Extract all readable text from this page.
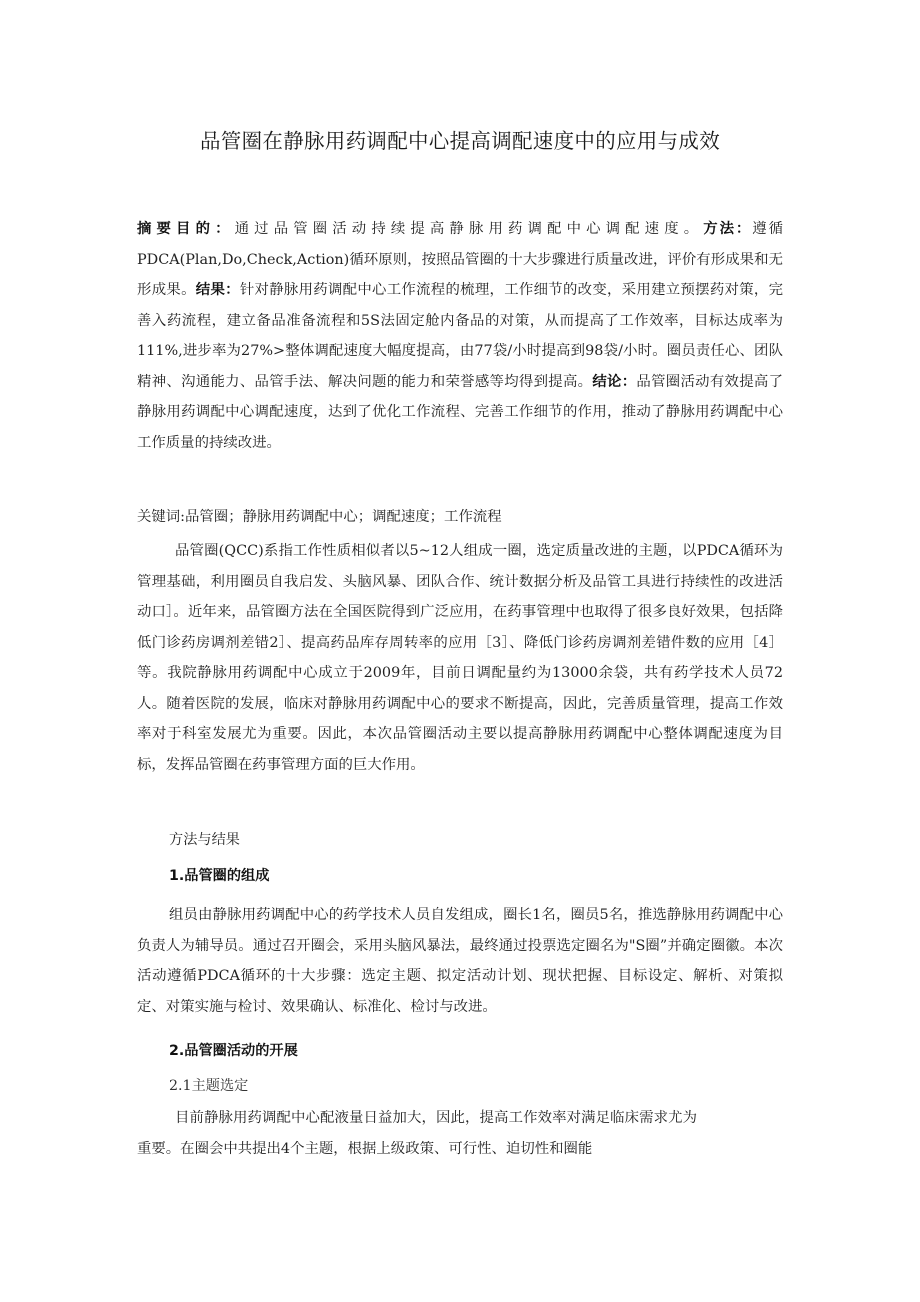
品管圈在静脉用药调配中心提高调配速度中的应用与成效

摘要目的：通过品管圈活动持续提高静脉用药调配中心调配速度。方法：遵循PDCA(Plan,Do,Check,Action)循环原则，按照品管圈的十大步骤进行质量改进，评价有形成果和无形成果。结果：针对静脉用药调配中心工作流程的梳理，工作细节的改变，采用建立预摆药对策，完善入药流程，建立备品准备流程和5S法固定舱内备品的对策，从而提高了工作效率，目标达成率为111%,进步率为27%>整体调配速度大幅度提高，由77袋/小时提高到98袋/小时。圈员责任心、团队精神、沟通能力、品管手法、解决问题的能力和荣誉感等均得到提高。结论：品管圈活动有效提高了静脉用药调配中心调配速度，达到了优化工作流程、完善工作细节的作用，推动了静脉用药调配中心工作质量的持续改进。

关键词:品管圈；静脉用药调配中心；调配速度；工作流程

品管圈(QCC)系指工作性质相似者以5~12人组成一圈，选定质量改进的主题，以PDCA循环为管理基础，利用圈员自我启发、头脑风暴、团队合作、统计数据分析及品管工具进行持续性的改进活动口］。近年来，品管圈方法在全国医院得到广泛应用，在药事管理中也取得了很多良好效果，包括降低门诊药房调剂差错2］、提高药品库存周转率的应用［3］、降低门诊药房调剂差错件数的应用［4］等。我院静脉用药调配中心成立于2009年，目前日调配量约为13000余袋，共有药学技术人员72人。随着医院的发展，临床对静脉用药调配中心的要求不断提高，因此，完善质量管理，提高工作效率对于科室发展尤为重要。因此，本次品管圈活动主要以提高静脉用药调配中心整体调配速度为目标，发挥品管圈在药事管理方面的巨大作用。

方法与结果
1.品管圈的组成

组员由静脉用药调配中心的药学技术人员自发组成，圈长1名，圈员5名，推选静脉用药调配中心负责人为辅导员。通过召开圈会，采用头脑风暴法，最终通过投票选定圈名为"S圈”并确定圈徽。本次活动遵循PDCA循环的十大步骤：选定主题、拟定活动计划、现状把握、目标设定、解析、对策拟定、对策实施与检讨、效果确认、标准化、检讨与改进。

2.品管圈活动的开展
2.1主题选定

目前静脉用药调配中心配液量日益加大，因此，提高工作效率对满足临床需求尤为重要。在圈会中共提出4个主题，根据上级政策、可行性、迫切性和圈能
